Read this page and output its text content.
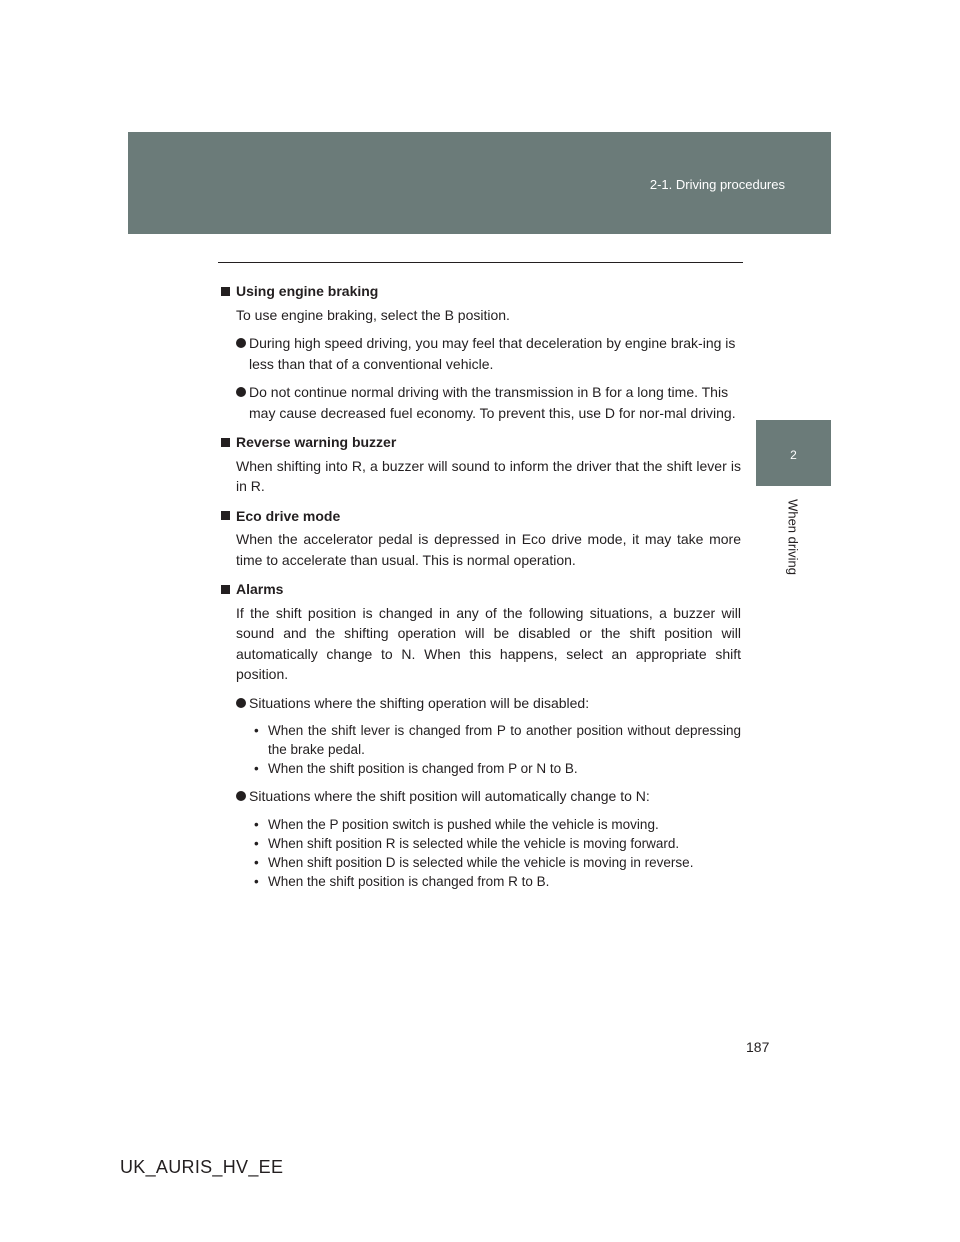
2-1. Driving procedures
2
When driving
Using engine braking
To use engine braking, select the B position.
During high speed driving, you may feel that deceleration by engine brak-ing is less than that of a conventional vehicle.
Do not continue normal driving with the transmission in B for a long time. This may cause decreased fuel economy. To prevent this, use D for nor-mal driving.
Reverse warning buzzer
When shifting into R, a buzzer will sound to inform the driver that the shift lever is in R.
Eco drive mode
When the accelerator pedal is depressed in Eco drive mode, it may take more time to accelerate than usual. This is normal operation.
Alarms
If the shift position is changed in any of the following situations, a buzzer will sound and the shifting operation will be disabled or the shift position will automatically change to N. When this happens, select an appropriate shift position.
Situations where the shifting operation will be disabled:
• When the shift lever is changed from P to another position without depressing the brake pedal.
• When the shift position is changed from P or N to B.
Situations where the shift position will automatically change to N:
• When the P position switch is pushed while the vehicle is moving.
• When shift position R is selected while the vehicle is moving forward.
• When shift position D is selected while the vehicle is moving in reverse.
• When the shift position is changed from R to B.
187
UK_AURIS_HV_EE
